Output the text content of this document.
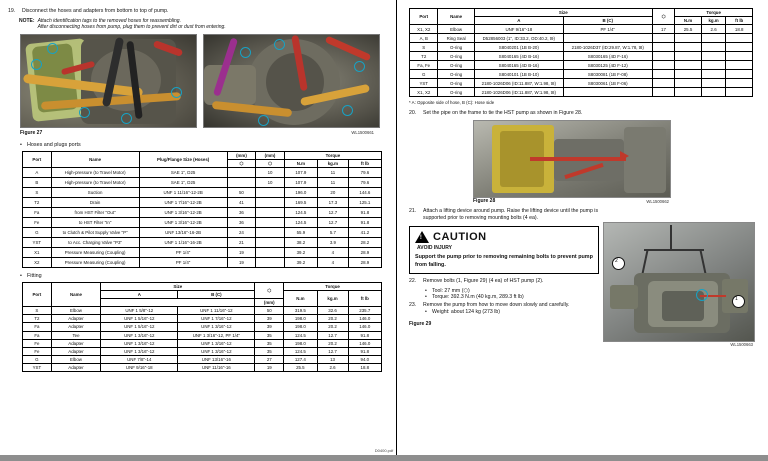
19.	Disconnect the hoses and adapters from bottom to top of pump.
NOTE: Attach identification tags to the removed hoses for reassembling.
After disconnecting hoses from pump, plug them to prevent dirt or dust from entering.
Figure 27	WL1500661
• Hoses and plugs ports
Port	Name	Plug/Flange Size (Hoses)	(mm)	(mm)	Torque		
			⬡	⬡	N.m	kg.m	ft lb
A	High-pressure (to Travel Motor)	SAE 1", D25		10	107.9	11	79.6
B	High-pressure (to Travel Motor)	SAE 1", D25		10	107.9	11	79.6
S	Suction	UNF 1 11/16"-12-2B	50		196.0	20	144.6
T2	Drain	UNF 1 7/16"-12-2B	41		169.5	17.3	125.1
Fa	from HST Filter "Out"	UNF 1 3/16"-12-2B	36		124.5	12.7	91.8
Fe	to HST Filter "In"	UNF 1 3/16"-12-2B	36		124.5	12.7	91.8
G	to Clutch & Pilot Supply Valve "P"	UNF 13/16"-16-2B	24		55.9	5.7	41.2
YST	to Acc. Charging Valve "P3"	UNF 1 1/16"-16-2B	21		38.2	3.9	28.2
X1	Pressure Measuring (Coupling)	PF 1/4"	19		39.2	4	28.9
X2	Pressure Measuring (Coupling)	PF 1/4"	19		39.2	4	28.9
• Fitting
Port	Name	Size		⬡	Torque		
		A	B (C)		N.m	kg.m	ft lb
				(mm)			
S	Elbow	UNF 1 5/8"-12	UNF 1 11/16"-12	50	319.5	32.6	235.7
T2	Adapter	UNF 1 5/16"-12	UNF 1 7/16"-12	39	198.0	20.2	146.0
Fa	Adapter	UNF 1 5/16"-12	UNF 1 3/16"-12	39	198.0	20.2	146.0
Fa	Tee	UNF 1 3/16"-12	UNF 1 3/16"-12, PF 1/4"	35	124.5	12.7	91.8
Fe	Adapter	UNF 1 3/16"-12	UNF 1 3/16"-12	35	198.0	20.2	146.0
Fe	Adapter	UNF 1 3/16"-12	UNF 1 3/16"-12	35	124.5	12.7	91.8
G	Elbow	UNF 7/8"-14	UNF 13/16"-16	27	127.4	13	94.0
YST	Adapter	UNF 9/16"-18	UNF 11/16"-16	19	25.5	2.6	18.8
Port	Name	Size		⬡	Torque		
		A	B (C)		N.m	kg.m	ft lb
X1, X2	Elbow	UNF 9/16"-18	PF 1/4"	17	25.5	2.6	18.8
A, B	Ring Seal	D52856003 (1", ID:33.2, OD:40.2, t9)					
S	O-ring	S8040201 (1B B-20)	2180-1026D37 (ID:29.87, W:1.78, t8)				
T2	O-ring	S8040165 (4D B-16)	S8030165 (4D F-16)				
Fa, Fe	O-ring	S8040165 (4D B-16)	S8030125 (4D F-12)				
G	O-ring	S8040101 (1B B-10)	S8030081 (1B F-08)				
YST	O-ring	2180-1026D06 (ID:11.887, W:1.98, t8)	S8030061 (1B F-06)				
X1, X2	O-ring	2180-1026D06 (ID:11.887, W:1.98, t8)					
* A: Opposite side of hose, B (C): Hose side
20.	Set the pipe on the frame to tie the HST pump as shown in Figure 28.
Figure 28	WL1500662
21.	Attach a lifting device around pump. Raise the lifting device until the pump is supported prior to removing mounting bolts (4 ea).
! CAUTION
AVOID INJURY
Support the pump prior to removing remaining bolts to prevent pump from falling.
22.	Remove bolts (1, Figure 29) (4 ea) of HST pump (2).
• Tool: 27 mm (⬡)
• Torque: 392.3 N.m (40 kg.m, 289.3 ft lb)
23.	Remove the pump from how to move down slowly and carefully.
• Weight: about 124 kg (273 lb)
Figure 29
2
1
WL1500663
D0400.pdf
